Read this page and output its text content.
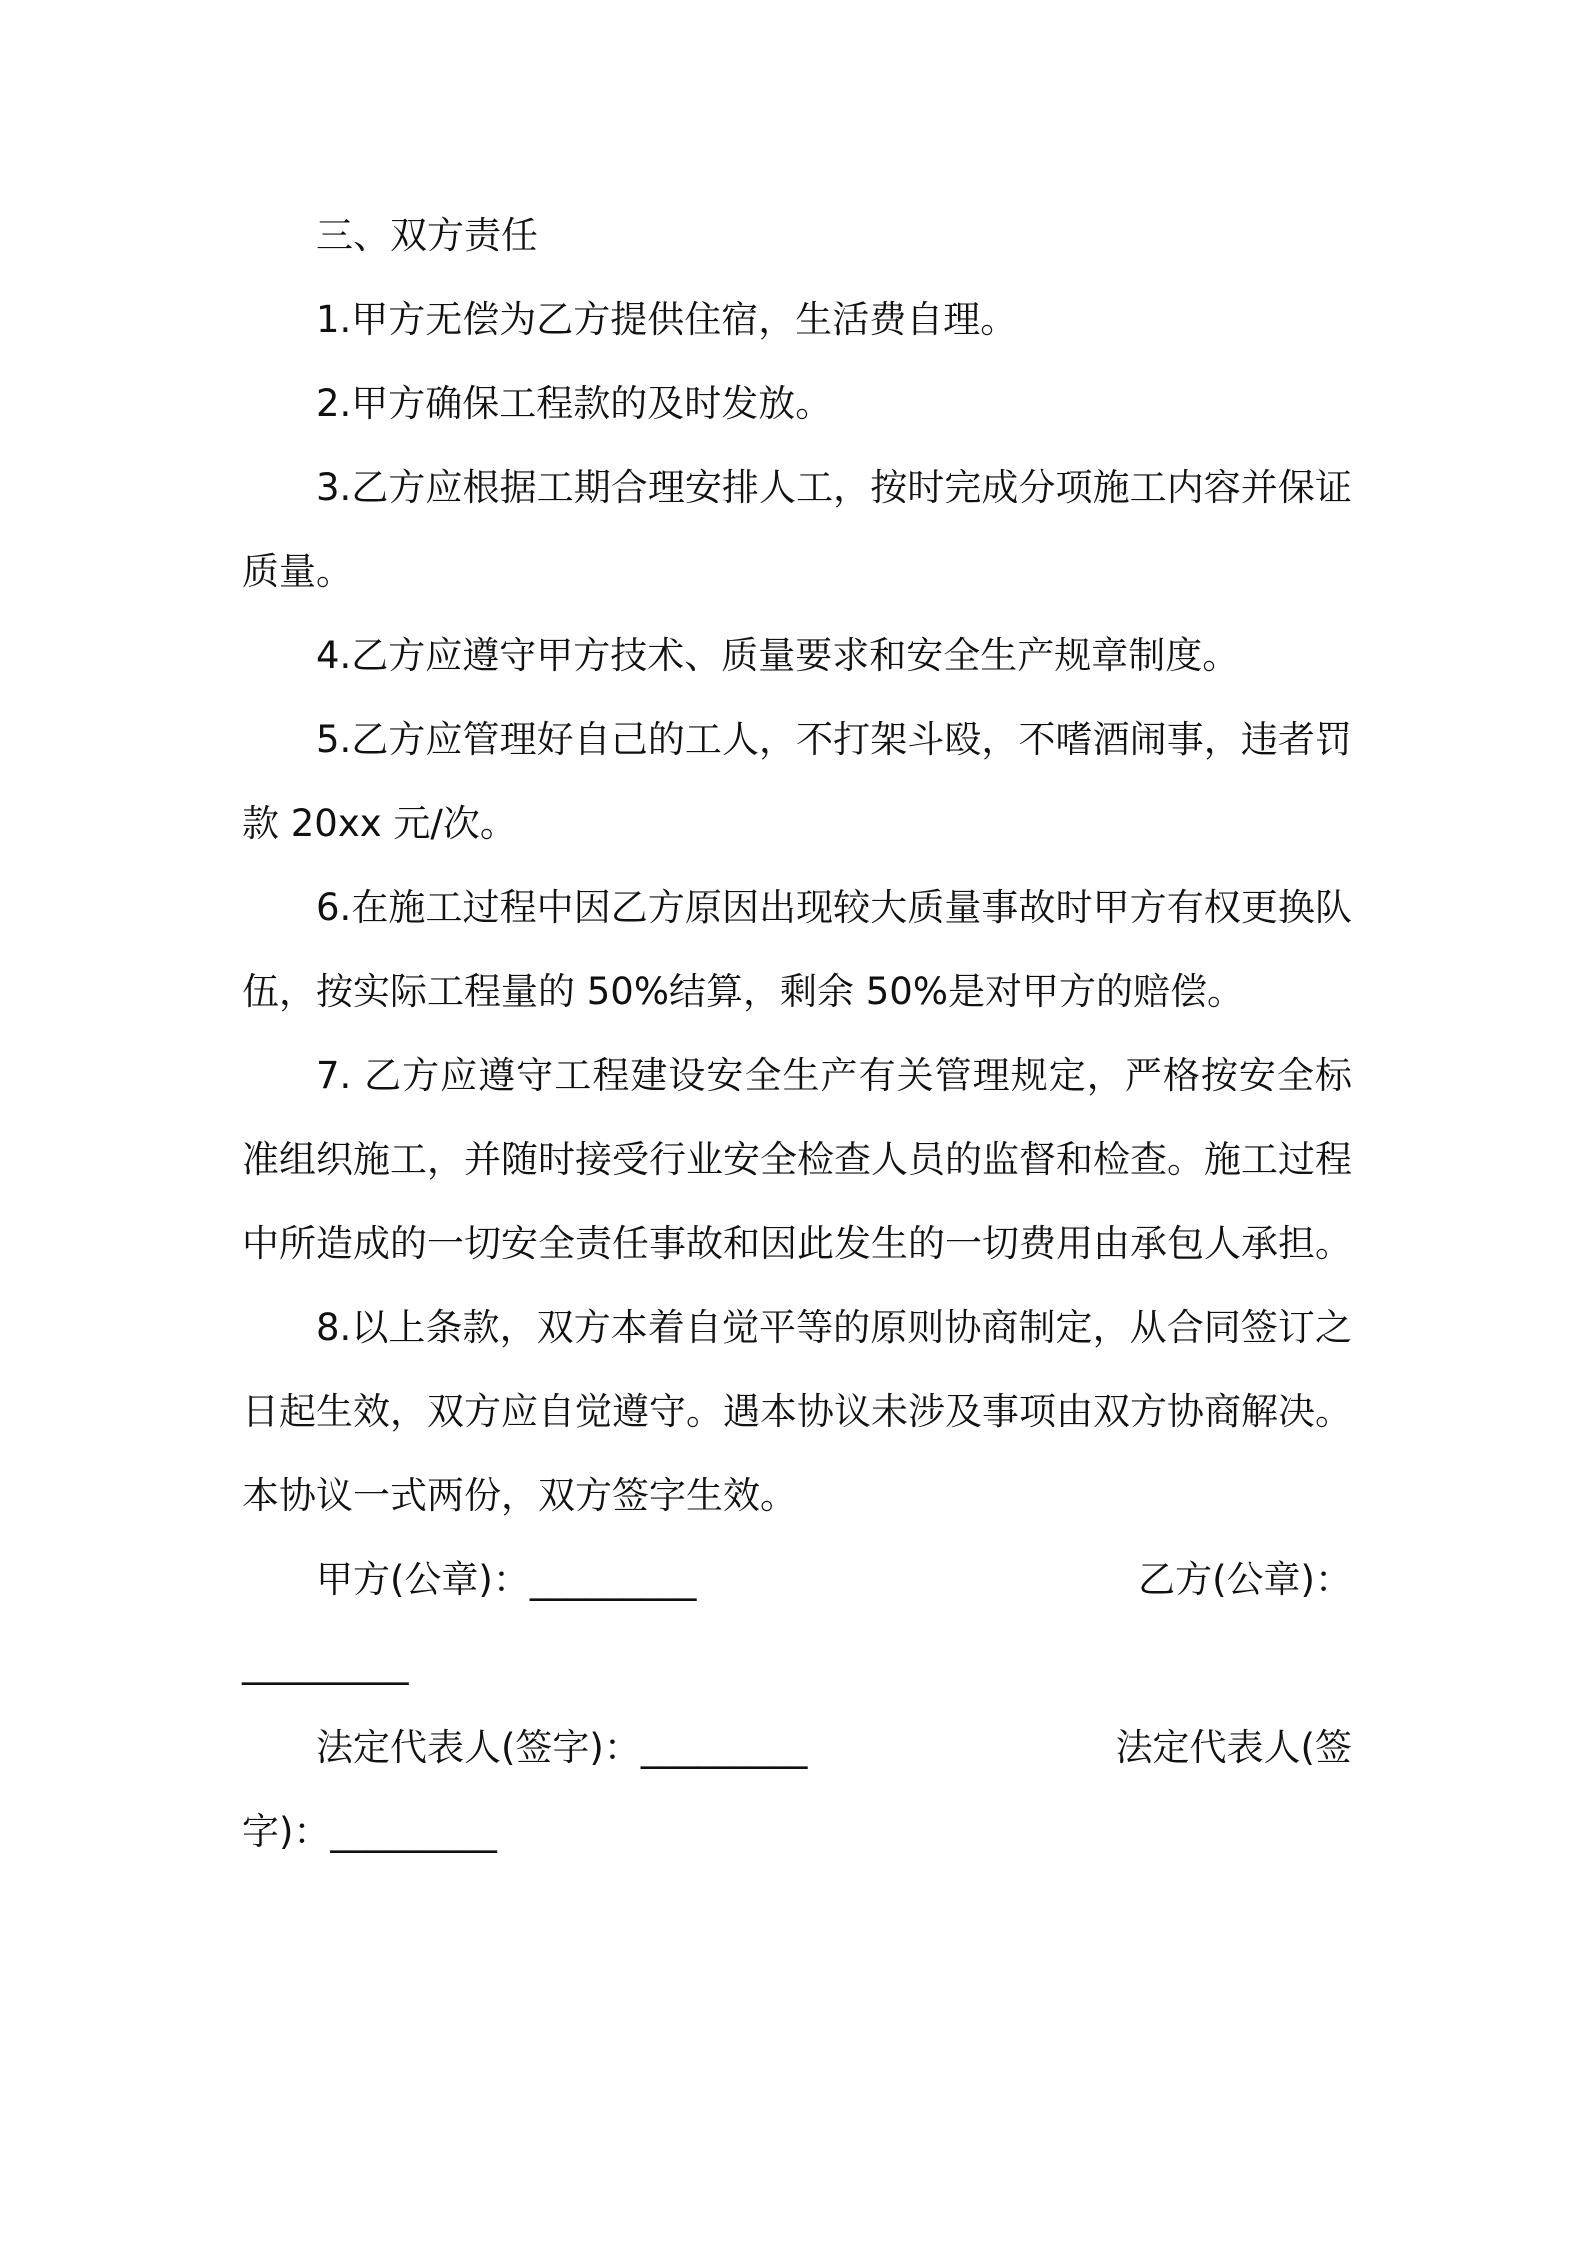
三、双方责任

1.甲方无偿为乙方提供住宿，生活费自理。

2.甲方确保工程款的及时发放。

3.乙方应根据工期合理安排人工，按时完成分项施工内容并保证质量。

4.乙方应遵守甲方技术、质量要求和安全生产规章制度。

5.乙方应管理好自己的工人，不打架斗殴，不嗜酒闹事，违者罚款 20xx 元/次。

6.在施工过程中因乙方原因出现较大质量事故时甲方有权更换队伍，按实际工程量的 50%结算，剩余 50%是对甲方的赔偿。

7. 乙方应遵守工程建设安全生产有关管理规定，严格按安全标准组织施工，并随时接受行业安全检查人员的监督和检查。施工过程中所造成的一切安全责任事故和因此发生的一切费用由承包人承担。

8.以上条款，双方本着自觉平等的原则协商制定，从合同签订之日起生效，双方应自觉遵守。遇本协议未涉及事项由双方协商解决。本协议一式两份，双方签字生效。

甲方(公章)：_________	乙方(公章)：
_________
法定代表人(签字)：_________	法定代表人(签
字)：_________
